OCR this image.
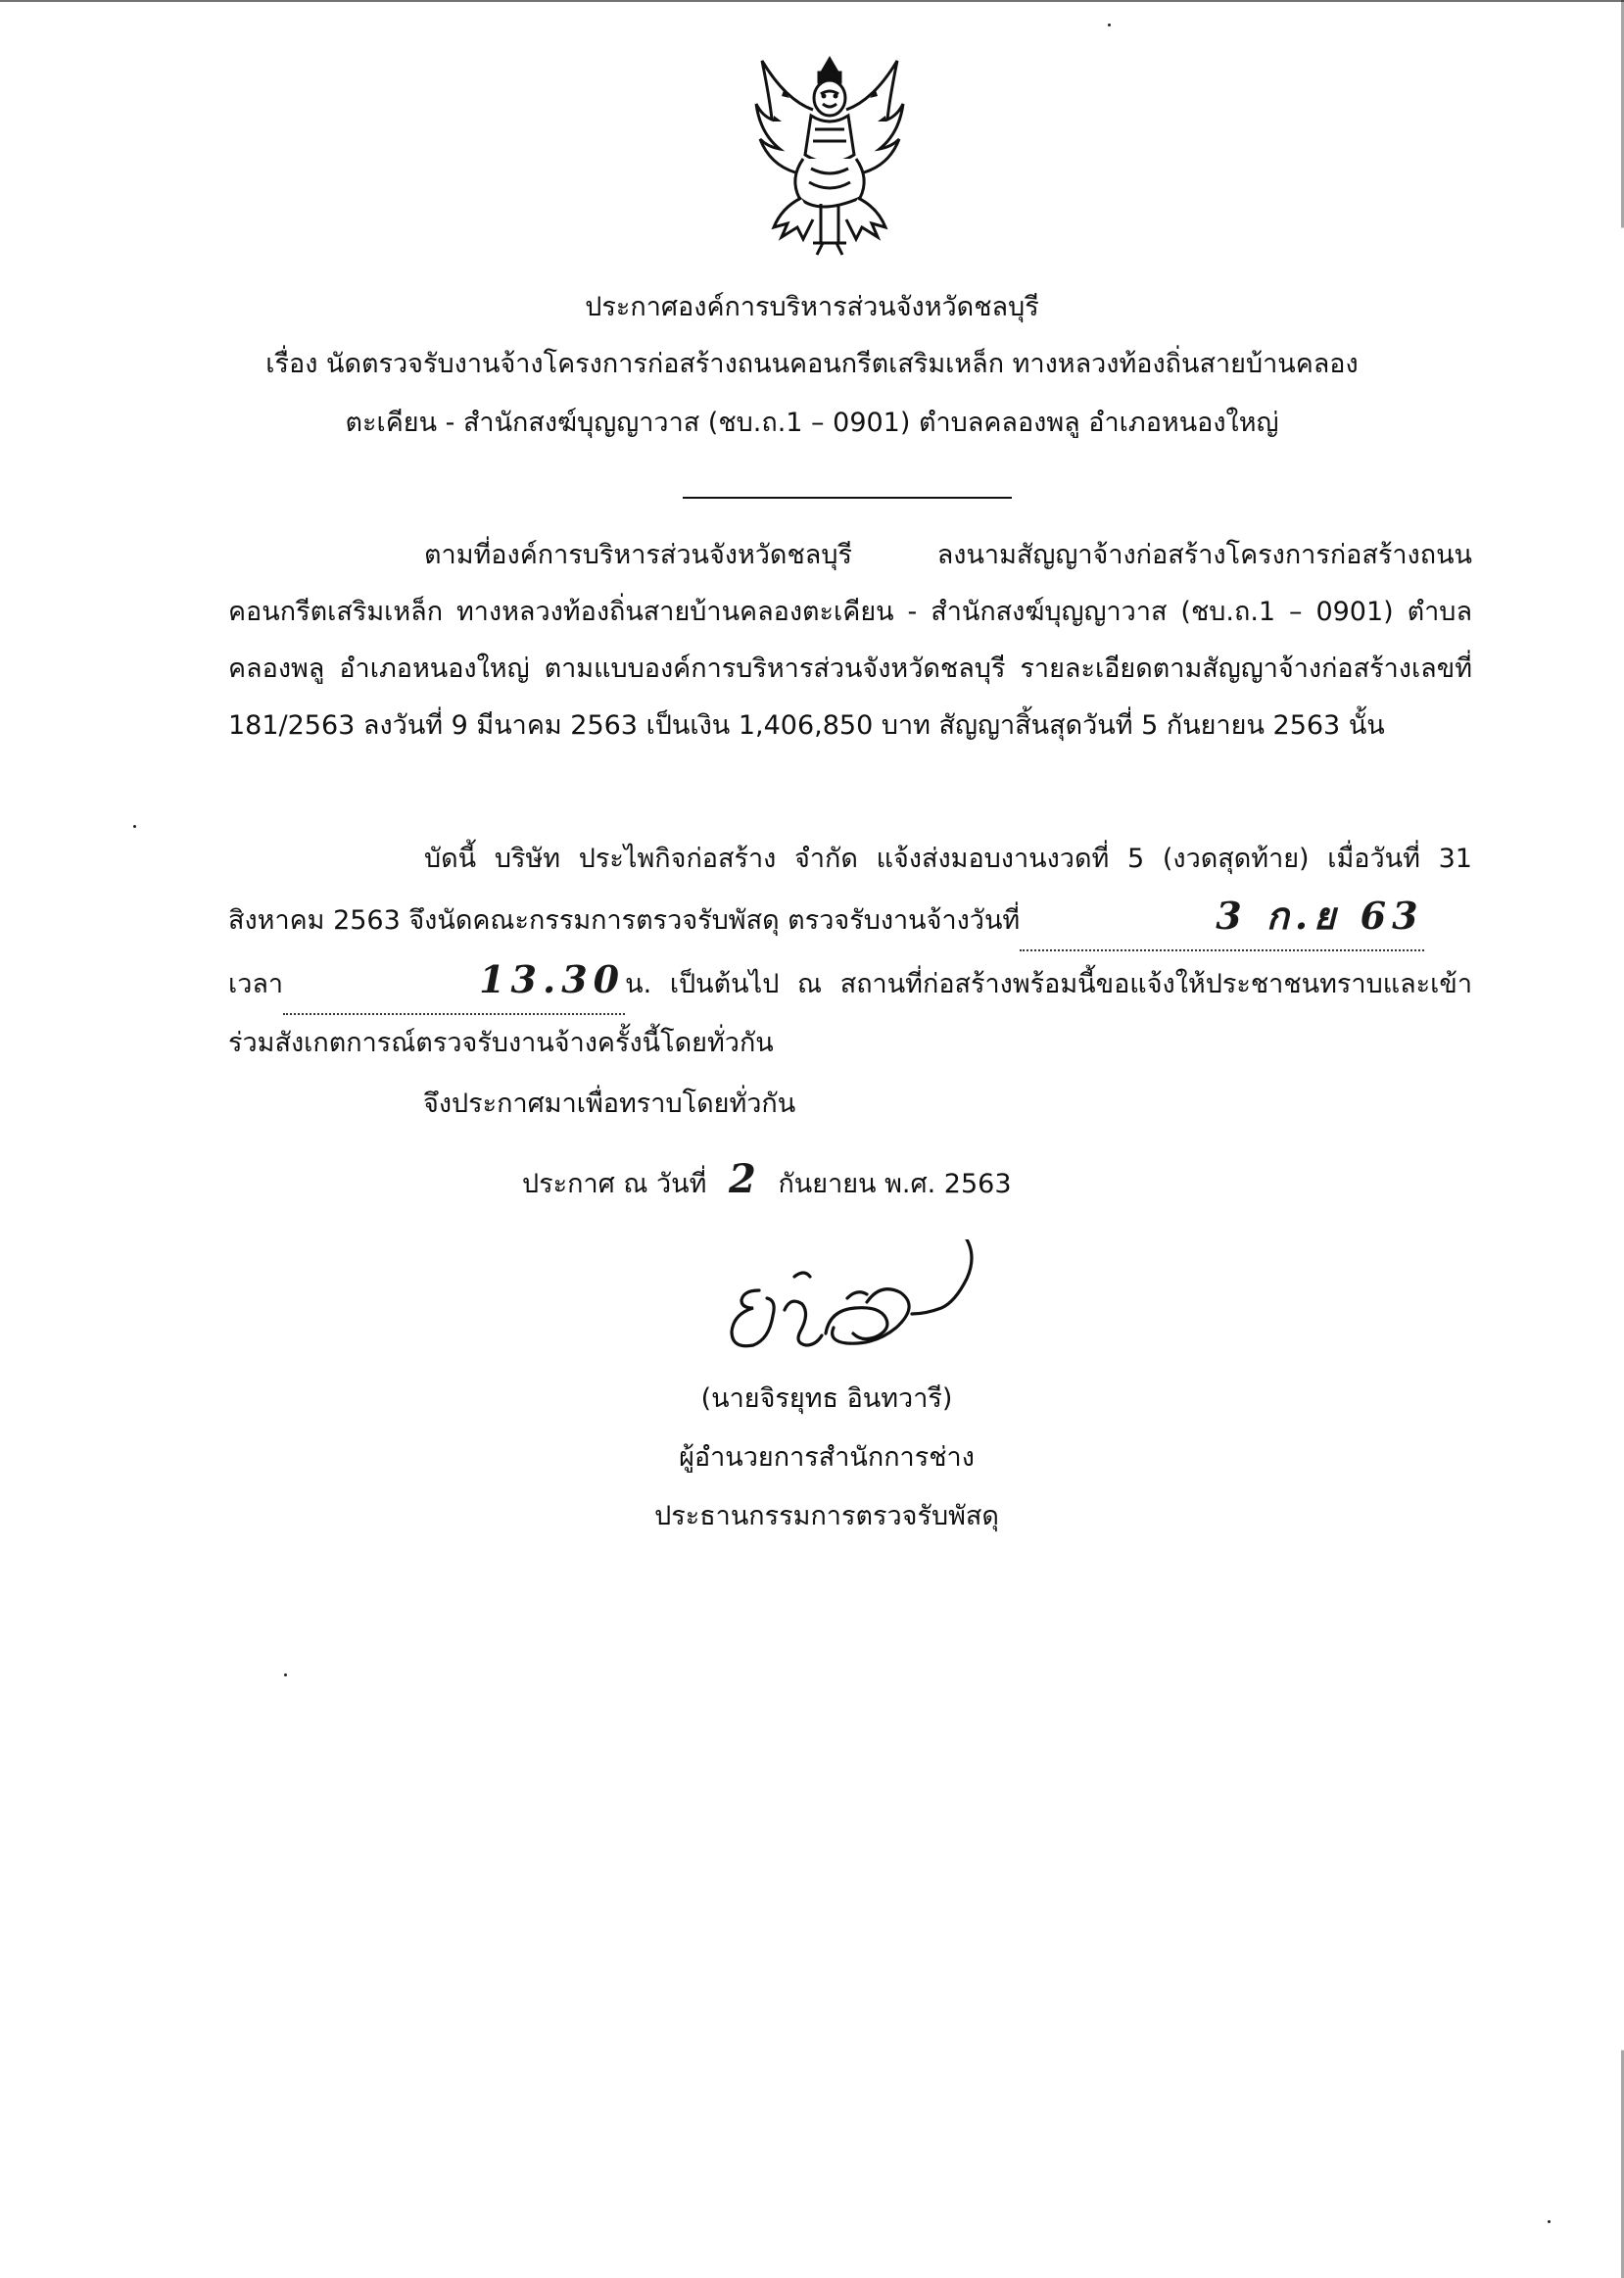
ประกาศองค์การบริหารส่วนจังหวัดชลบุรี
เรื่อง นัดตรวจรับงานจ้างโครงการก่อสร้างถนนคอนกรีตเสริมเหล็ก ทางหลวงท้องถิ่นสายบ้านคลอง
ตะเคียน - สำนักสงฆ์บุญญาวาส (ชบ.ถ.1 – 0901) ตำบลคลองพลู อำเภอหนองใหญ่

ตามที่องค์การบริหารส่วนจังหวัดชลบุรี ลงนามสัญญาจ้างก่อสร้างโครงการก่อสร้างถนนคอนกรีตเสริมเหล็ก ทางหลวงท้องถิ่นสายบ้านคลองตะเคียน - สำนักสงฆ์บุญญาวาส (ชบ.ถ.1 – 0901) ตำบลคลองพลู อำเภอหนองใหญ่ ตามแบบองค์การบริหารส่วนจังหวัดชลบุรี รายละเอียดตามสัญญาจ้างก่อสร้างเลขที่ 181/2563 ลงวันที่ 9 มีนาคม 2563 เป็นเงิน 1,406,850 บาท สัญญาสิ้นสุดวันที่ 5 กันยายน 2563 นั้น

บัดนี้ บริษัท ประไพกิจก่อสร้าง จำกัด แจ้งส่งมอบงานงวดที่ 5 (งวดสุดท้าย) เมื่อวันที่ 31 สิงหาคม 2563 จึงนัดคณะกรรมการตรวจรับพัสดุ ตรวจรับงานจ้างวันที่	3 ก.ย 63
เวลา	13.30น. เป็นต้นไป ณ สถานที่ก่อสร้างพร้อมนี้ขอแจ้งให้ประชาชนทราบและเข้าร่วมสังเกตการณ์ตรวจรับงานจ้างครั้งนี้โดยทั่วกัน

จึงประกาศมาเพื่อทราบโดยทั่วกัน
ประกาศ ณ วันที่ 2 กันยายน พ.ศ. 2563
(นายจิรยุทธ อินทวารี)
ผู้อำนวยการสำนักการช่าง
ประธานกรรมการตรวจรับพัสดุ
